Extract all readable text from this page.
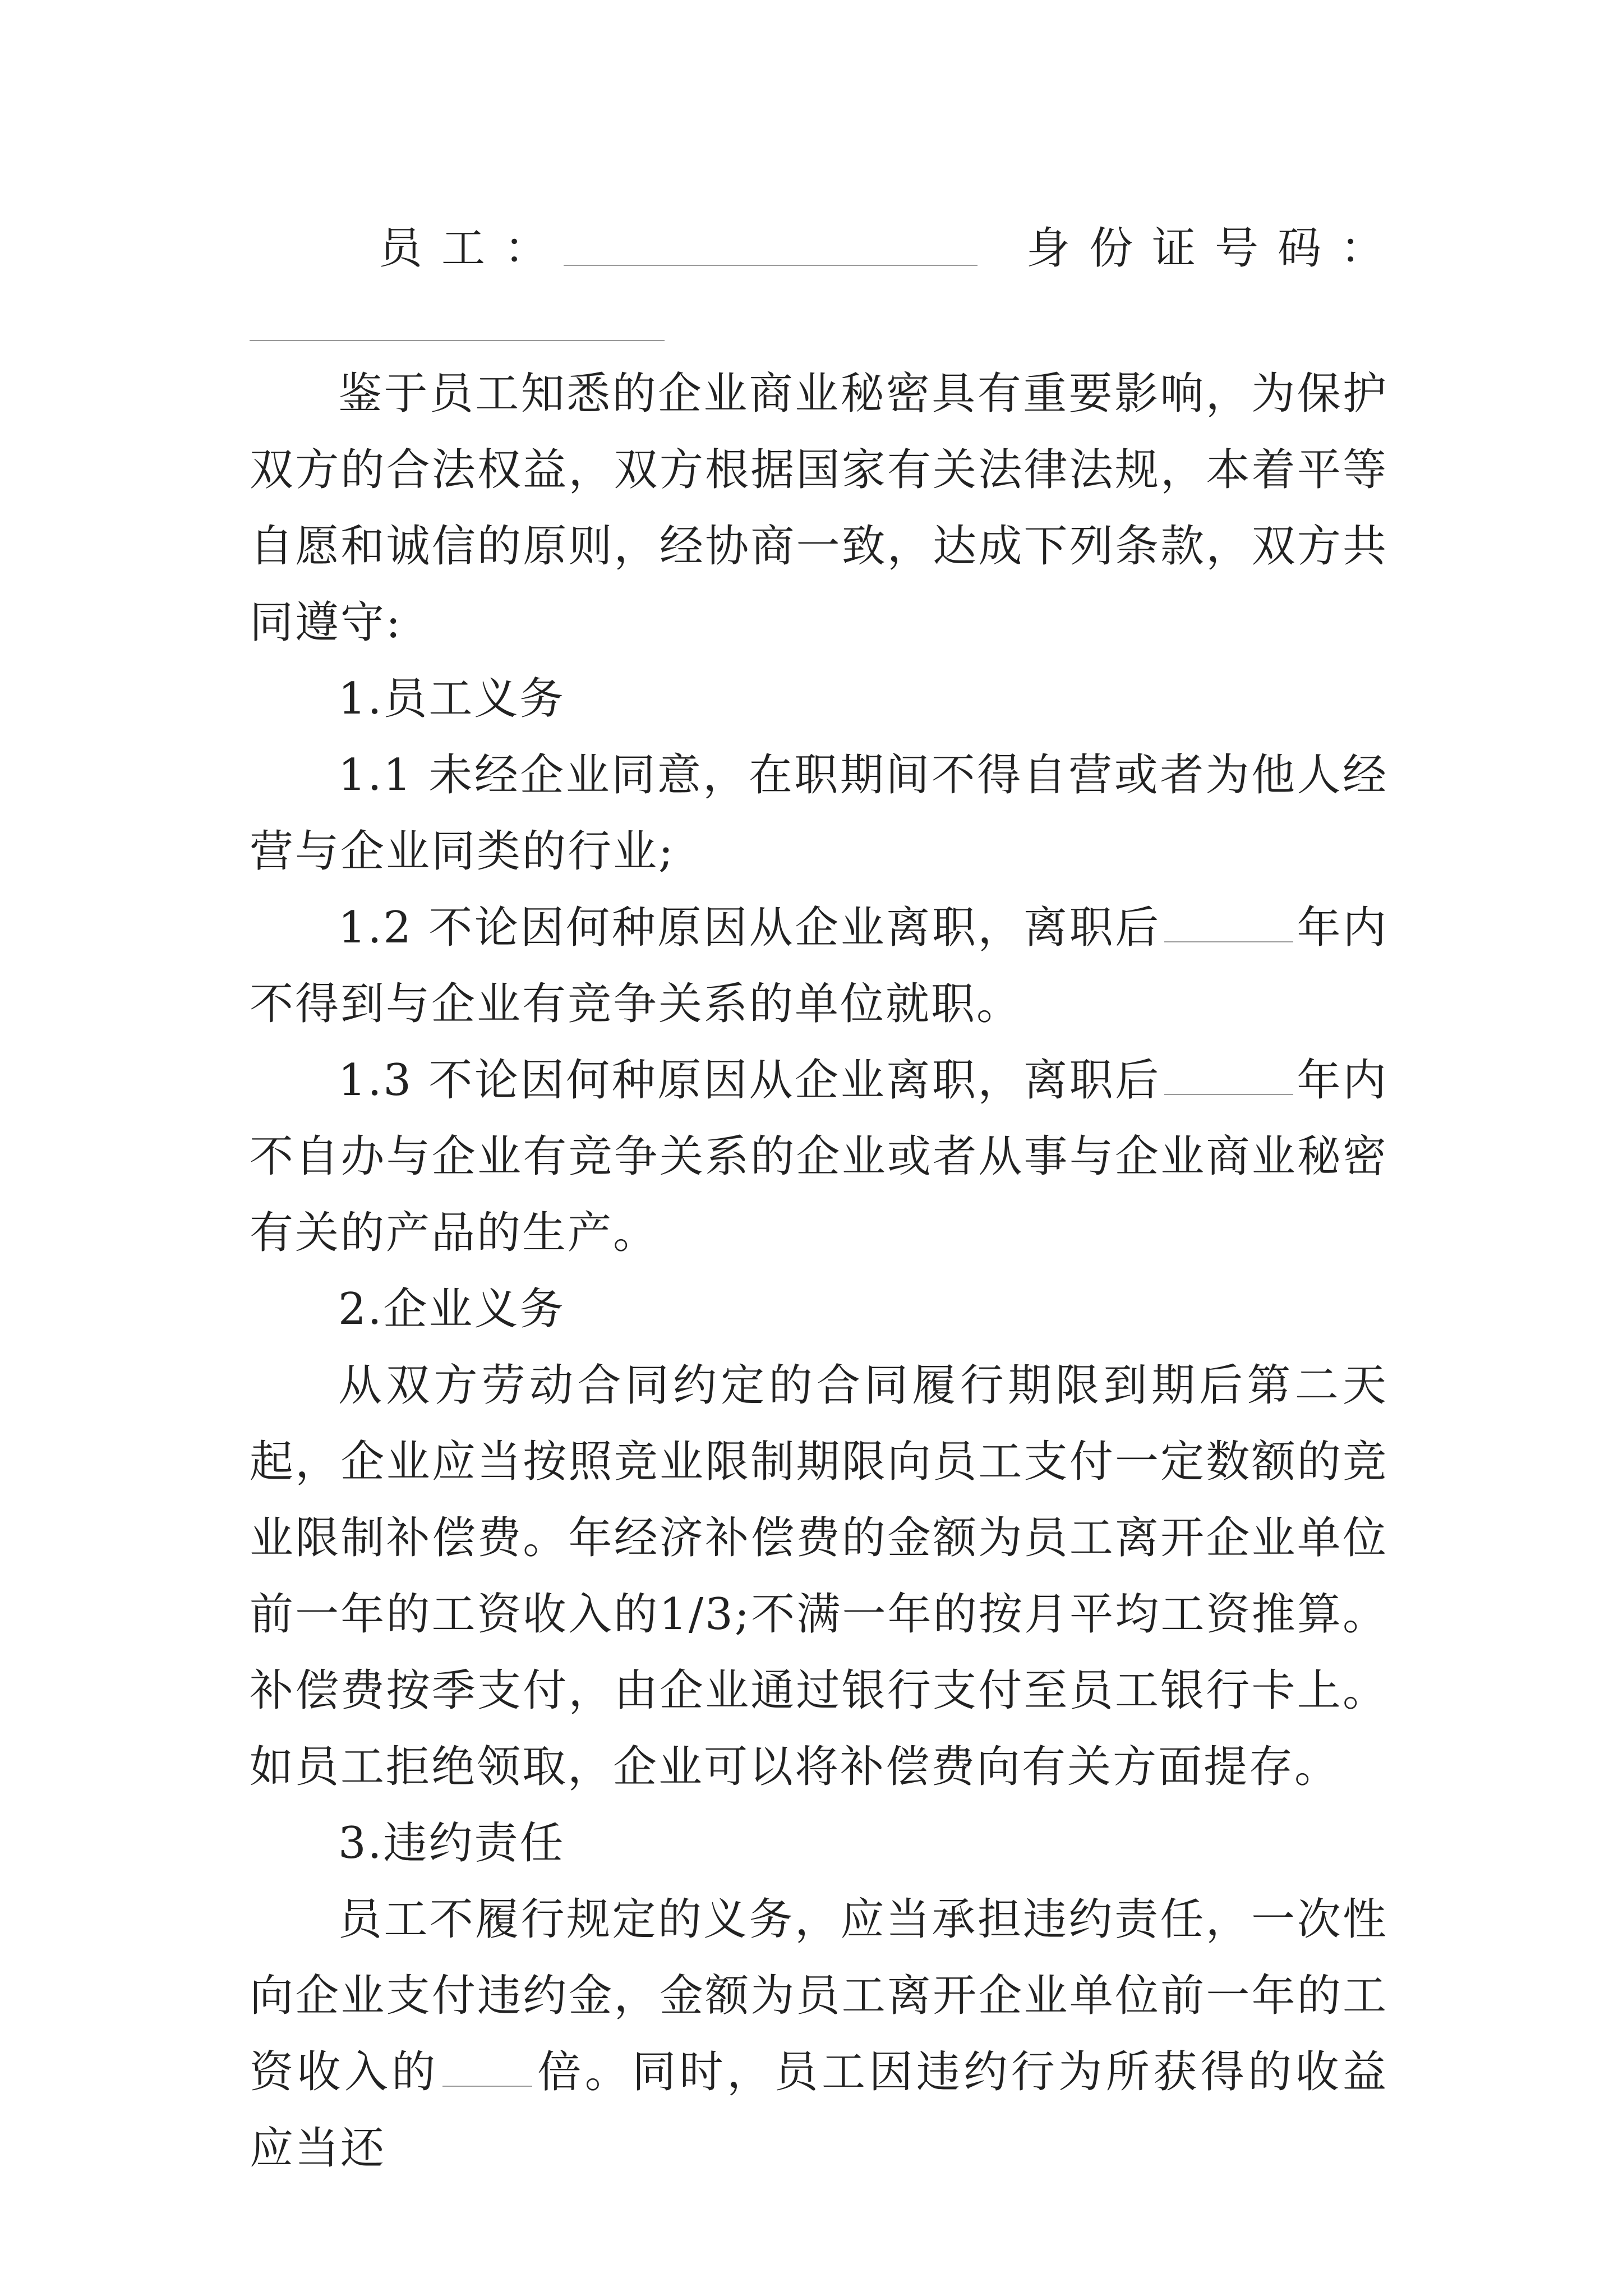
员工：	身份证号码：

鉴于员工知悉的企业商业秘密具有重要影响，为保护双方的合法权益，双方根据国家有关法律法规，本着平等自愿和诚信的原则，经协商一致，达成下列条款，双方共同遵守:

1.员工义务

1.1 未经企业同意，在职期间不得自营或者为他人经营与企业同类的行业;

1.2 不论因何种原因从企业离职，离职后	年内不得到与企业有竞争关系的单位就职。

1.3 不论因何种原因从企业离职，离职后	年内不自办与企业有竞争关系的企业或者从事与企业商业秘密有关的产品的生产。

2.企业义务

从双方劳动合同约定的合同履行期限到期后第二天起，企业应当按照竞业限制期限向员工支付一定数额的竞业限制补偿费。年经济补偿费的金额为员工离开企业单位前一年的工资收入的1/3;不满一年的按月平均工资推算。补偿费按季支付，由企业通过银行支付至员工银行卡上。如员工拒绝领取，企业可以将补偿费向有关方面提存。

3.违约责任

员工不履行规定的义务，应当承担违约责任，一次性向企业支付违约金，金额为员工离开企业单位前一年的工资收入的 倍。同时，员工因违约行为所获得的收益应当还
